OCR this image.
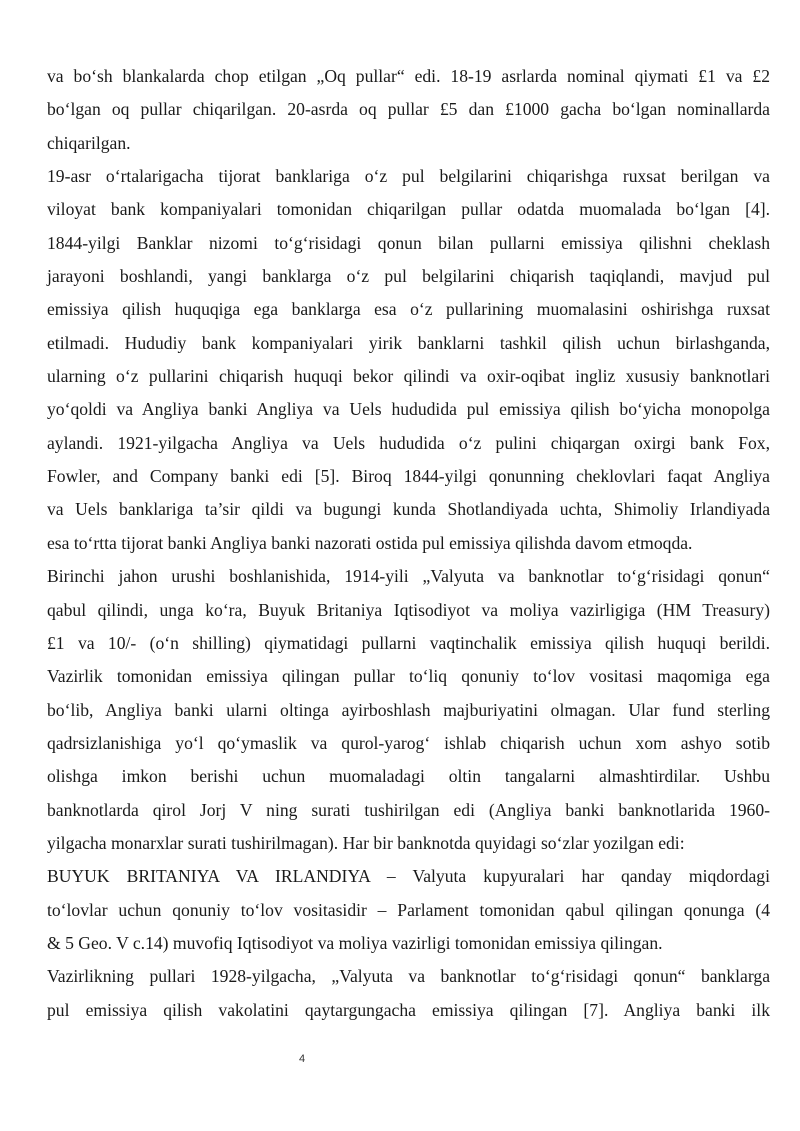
va bo‘sh blankalarda chop etilgan „Oq pullar“ edi. 18-19 asrlarda nominal qiymati £1 va £2
bo‘lgan oq pullar chiqarilgan. 20-asrda oq pullar £5 dan £1000 gacha bo‘lgan nominallarda
chiqarilgan.
19-asr o‘rtalarigacha tijorat banklariga o‘z pul belgilarini chiqarishga ruxsat berilgan va
viloyat bank kompaniyalari tomonidan chiqarilgan pullar odatda muomalada bo‘lgan [4].
1844-yilgi Banklar nizomi to‘g‘risidagi qonun bilan pullarni emissiya qilishni cheklash
jarayoni boshlandi, yangi banklarga o‘z pul belgilarini chiqarish taqiqlandi, mavjud pul
emissiya qilish huquqiga ega banklarga esa o‘z pullarining muomalasini oshirishga ruxsat
etilmadi. Hududiy bank kompaniyalari yirik banklarni tashkil qilish uchun birlashganda,
ularning o‘z pullarini chiqarish huquqi bekor qilindi va oxir-oqibat ingliz xususiy banknotlari
yo‘qoldi va Angliya banki Angliya va Uels hududida pul emissiya qilish bo‘yicha monopolga
aylandi. 1921-yilgacha Angliya va Uels hududida o‘z pulini chiqargan oxirgi bank Fox,
Fowler, and Company banki edi [5]. Biroq 1844-yilgi qonunning cheklovlari faqat Angliya
va Uels banklariga ta’sir qildi va bugungi kunda Shotlandiyada uchta, Shimoliy Irlandiyada
esa to‘rtta tijorat banki Angliya banki nazorati ostida pul emissiya qilishda davom etmoqda.
Birinchi jahon urushi boshlanishida, 1914-yili „Valyuta va banknotlar to‘g‘risidagi qonun“
qabul qilindi, unga ko‘ra, Buyuk Britaniya Iqtisodiyot va moliya vazirligiga (HM Treasury)
£1 va 10/- (o‘n shilling) qiymatidagi pullarni vaqtinchalik emissiya qilish huquqi berildi.
Vazirlik tomonidan emissiya qilingan pullar to‘liq qonuniy to‘lov vositasi maqomiga ega
bo‘lib, Angliya banki ularni oltinga ayirboshlash majburiyatini olmagan. Ular fund sterling
qadrsizlanishiga yo‘l qo‘ymaslik va qurol-yarog‘ ishlab chiqarish uchun xom ashyo sotib
olishga imkon berishi uchun muomaladagi oltin tangalarni almashtirdilar. Ushbu
banknotlarda qirol Jorj V ning surati tushirilgan edi (Angliya banki banknotlarida 1960-
yilgacha monarxlar surati tushirilmagan). Har bir banknotda quyidagi so‘zlar yozilgan edi:
BUYUK BRITANIYA VA IRLANDIYA – Valyuta kupyuralari har qanday miqdordagi
to‘lovlar uchun qonuniy to‘lov vositasidir – Parlament tomonidan qabul qilingan qonunga (4
& 5 Geo. V c.14) muvofiq Iqtisodiyot va moliya vazirligi tomonidan emissiya qilingan.
Vazirlikning pullari 1928-yilgacha, „Valyuta va banknotlar to‘g‘risidagi qonun“ banklarga
pul emissiya qilish vakolatini qaytargungacha emissiya qilingan [7]. Angliya banki ilk
4
